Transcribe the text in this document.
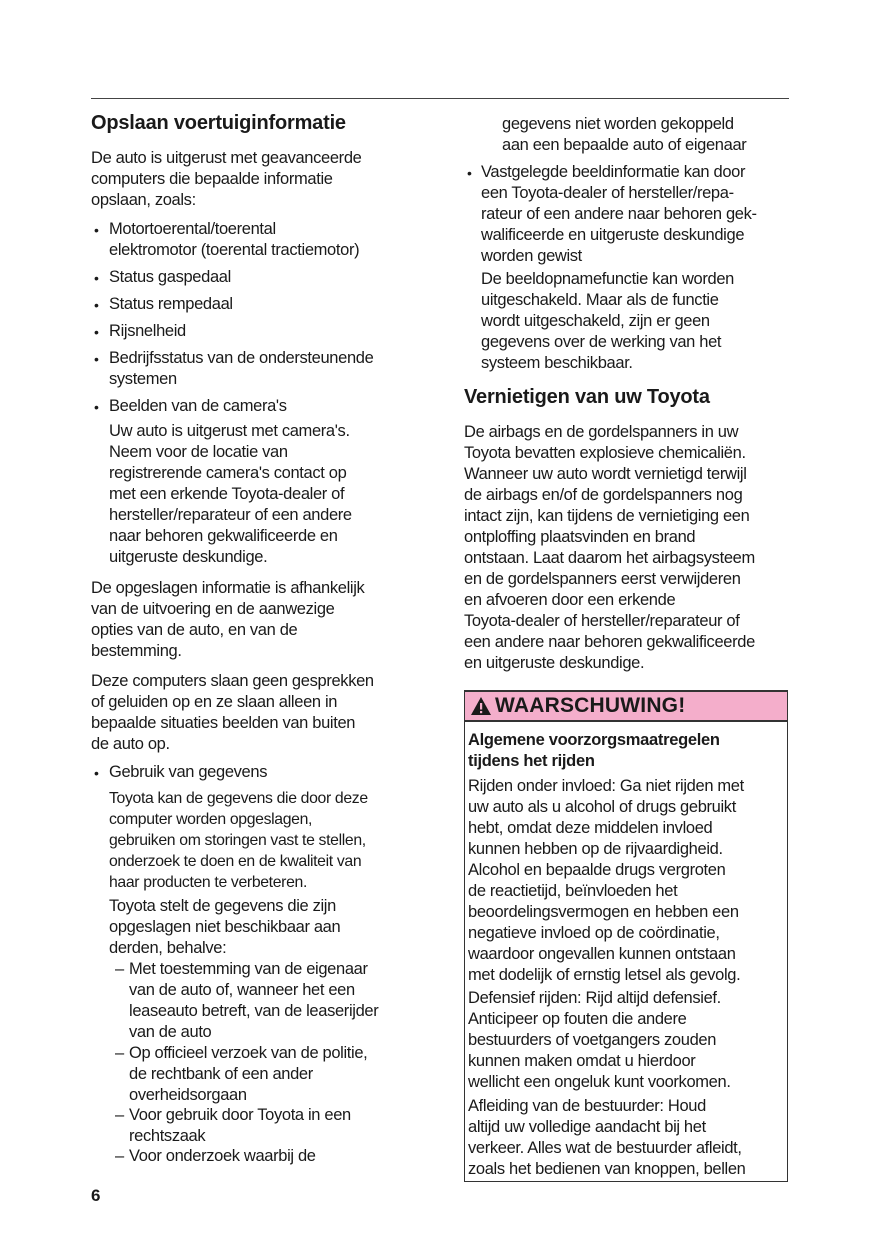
Opslaan voertuiginformatie
De auto is uitgerust met geavanceerde
computers die bepaalde informatie
opslaan, zoals:
• Motortoerental/toerental
elektromotor (toerental tractiemotor)
• Status gaspedaal
• Status rempedaal
• Rijsnelheid
• Bedrijfsstatus van de ondersteunende
systemen
• Beelden van de camera's
Uw auto is uitgerust met camera's.
Neem voor de locatie van
registrerende camera's contact op
met een erkende Toyota-dealer of
hersteller/reparateur of een andere
naar behoren gekwalificeerde en
uitgeruste deskundige.
De opgeslagen informatie is afhankelijk
van de uitvoering en de aanwezige
opties van de auto, en van de
bestemming.
Deze computers slaan geen gesprekken
of geluiden op en ze slaan alleen in
bepaalde situaties beelden van buiten
de auto op.
• Gebruik van gegevens
Toyota kan de gegevens die door deze
computer worden opgeslagen,
gebruiken om storingen vast te stellen,
onderzoek te doen en de kwaliteit van
haar producten te verbeteren.
Toyota stelt de gegevens die zijn
opgeslagen niet beschikbaar aan
derden, behalve:
– Met toestemming van de eigenaar
van de auto of, wanneer het een
leaseauto betreft, van de leaserijder
van de auto
– Op officieel verzoek van de politie,
de rechtbank of een ander
overheidsorgaan
– Voor gebruik door Toyota in een
rechtszaak
– Voor onderzoek waarbij de
gegevens niet worden gekoppeld
aan een bepaalde auto of eigenaar
• Vastgelegde beeldinformatie kan door
een Toyota-dealer of hersteller/repa-
rateur of een andere naar behoren gek-
walificeerde en uitgeruste deskundige
worden gewist
De beeldopnamefunctie kan worden
uitgeschakeld. Maar als de functie
wordt uitgeschakeld, zijn er geen
gegevens over de werking van het
systeem beschikbaar.
Vernietigen van uw Toyota
De airbags en de gordelspanners in uw
Toyota bevatten explosieve chemicaliën.
Wanneer uw auto wordt vernietigd terwijl
de airbags en/of de gordelspanners nog
intact zijn, kan tijdens de vernietiging een
ontploffing plaatsvinden en brand
ontstaan. Laat daarom het airbagsysteem
en de gordelspanners eerst verwijderen
en afvoeren door een erkende
Toyota-dealer of hersteller/reparateur of
een andere naar behoren gekwalificeerde
en uitgeruste deskundige.
WAARSCHUWING!
Algemene voorzorgsmaatregelen
tijdens het rijden
Rijden onder invloed: Ga niet rijden met
uw auto als u alcohol of drugs gebruikt
hebt, omdat deze middelen invloed
kunnen hebben op de rijvaardigheid.
Alcohol en bepaalde drugs vergroten
de reactietijd, beïnvloeden het
beoordelingsvermogen en hebben een
negatieve invloed op de coördinatie,
waardoor ongevallen kunnen ontstaan
met dodelijk of ernstig letsel als gevolg.
Defensief rijden: Rijd altijd defensief.
Anticipeer op fouten die andere
bestuurders of voetgangers zouden
kunnen maken omdat u hierdoor
wellicht een ongeluk kunt voorkomen.
Afleiding van de bestuurder: Houd
altijd uw volledige aandacht bij het
verkeer. Alles wat de bestuurder afleidt,
zoals het bedienen van knoppen, bellen
6
